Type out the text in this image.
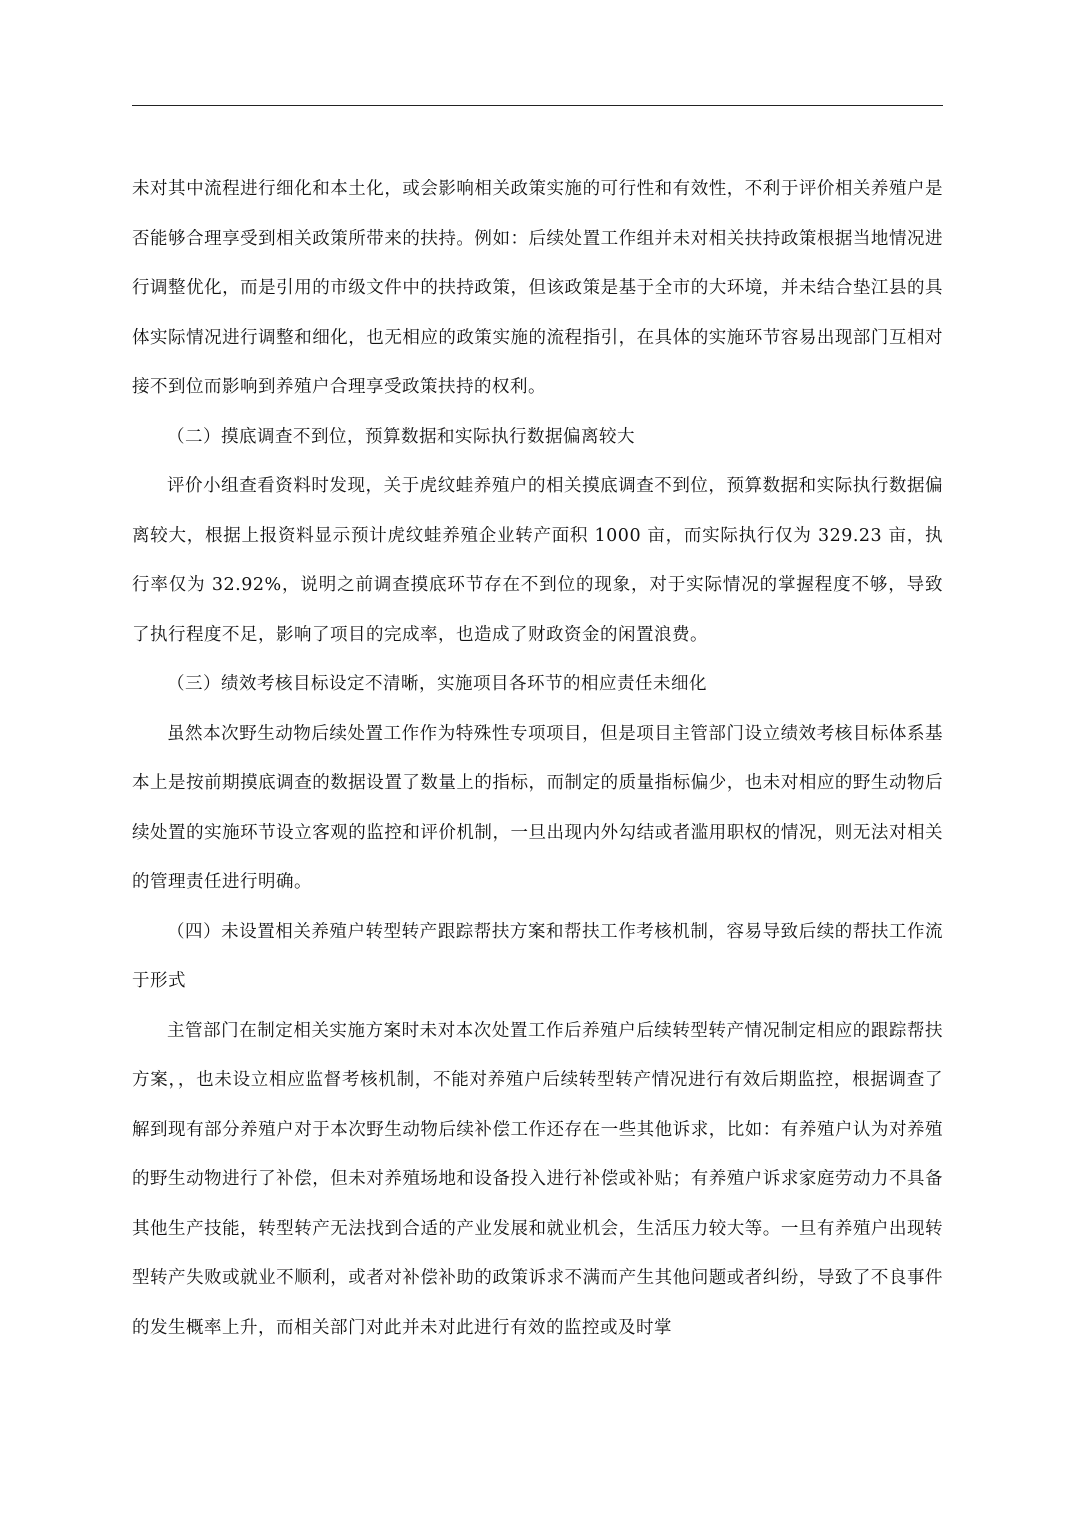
未对其中流程进行细化和本土化，或会影响相关政策实施的可行性和有效性，不利于评价相关养殖户是否能够合理享受到相关政策所带来的扶持。例如：后续处置工作组并未对相关扶持政策根据当地情况进行调整优化，而是引用的市级文件中的扶持政策，但该政策是基于全市的大环境，并未结合垫江县的具体实际情况进行调整和细化，也无相应的政策实施的流程指引，在具体的实施环节容易出现部门互相对接不到位而影响到养殖户合理享受政策扶持的权利。

（二）摸底调查不到位，预算数据和实际执行数据偏离较大

评价小组查看资料时发现，关于虎纹蛙养殖户的相关摸底调查不到位，预算数据和实际执行数据偏离较大，根据上报资料显示预计虎纹蛙养殖企业转产面积 1000 亩，而实际执行仅为 329.23 亩，执行率仅为 32.92%，说明之前调查摸底环节存在不到位的现象，对于实际情况的掌握程度不够，导致了执行程度不足，影响了项目的完成率，也造成了财政资金的闲置浪费。

（三）绩效考核目标设定不清晰，实施项目各环节的相应责任未细化

虽然本次野生动物后续处置工作作为特殊性专项项目，但是项目主管部门设立绩效考核目标体系基本上是按前期摸底调查的数据设置了数量上的指标，而制定的质量指标偏少，也未对相应的野生动物后续处置的实施环节设立客观的监控和评价机制，一旦出现内外勾结或者滥用职权的情况，则无法对相关的管理责任进行明确。

（四）未设置相关养殖户转型转产跟踪帮扶方案和帮扶工作考核机制，容易导致后续的帮扶工作流于形式

主管部门在制定相关实施方案时未对本次处置工作后养殖户后续转型转产情况制定相应的跟踪帮扶方案，，也未设立相应监督考核机制，不能对养殖户后续转型转产情况进行有效后期监控，根据调查了解到现有部分养殖户对于本次野生动物后续补偿工作还存在一些其他诉求，比如：有养殖户认为对养殖的野生动物进行了补偿，但未对养殖场地和设备投入进行补偿或补贴；有养殖户诉求家庭劳动力不具备其他生产技能，转型转产无法找到合适的产业发展和就业机会，生活压力较大等。一旦有养殖户出现转型转产失败或就业不顺利，或者对补偿补助的政策诉求不满而产生其他问题或者纠纷，导致了不良事件的发生概率上升，而相关部门对此并未对此进行有效的监控或及时掌
